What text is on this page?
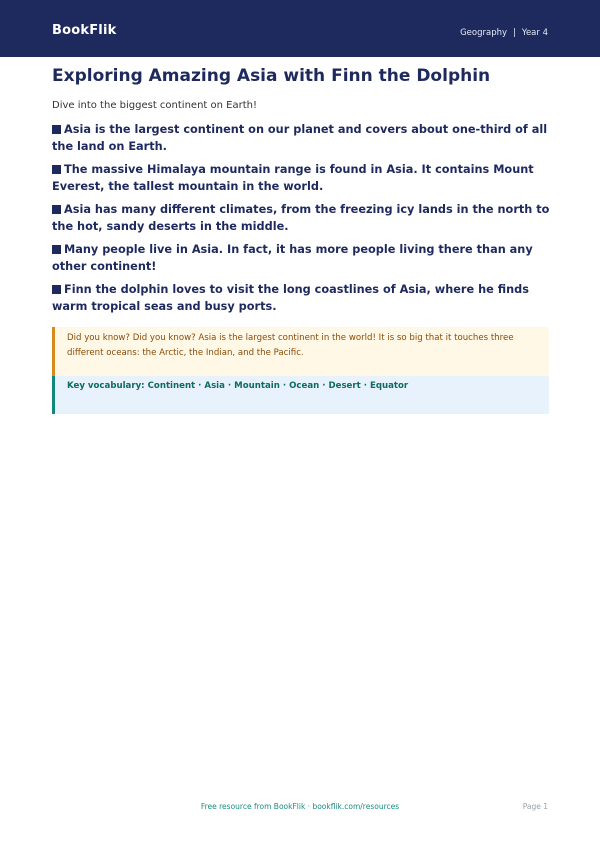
BookFlik	Geography | Year 4
Exploring Amazing Asia with Finn the Dolphin
Dive into the biggest continent on Earth!
Asia is the largest continent on our planet and covers about one-third of all the land on Earth.
The massive Himalaya mountain range is found in Asia. It contains Mount Everest, the tallest mountain in the world.
Asia has many different climates, from the freezing icy lands in the north to the hot, sandy deserts in the middle.
Many people live in Asia. In fact, it has more people living there than any other continent!
Finn the dolphin loves to visit the long coastlines of Asia, where he finds warm tropical seas and busy ports.
Did you know? Did you know? Asia is the largest continent in the world! It is so big that it touches three different oceans: the Arctic, the Indian, and the Pacific.
Key vocabulary: Continent · Asia · Mountain · Ocean · Desert · Equator
Free resource from BookFlik · bookflik.com/resources	Page 1
